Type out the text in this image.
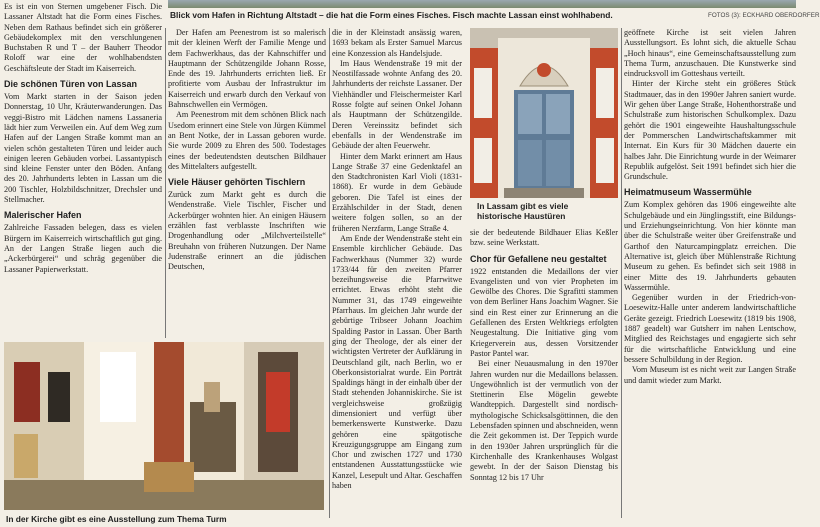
Es ist ein von Sternen umgebener Fisch. Die Lassaner Altstadt hat die Form eines Fisches. Neben dem Rathaus befindet sich ein größerer Gebäudekomplex mit den verschlungenen Buchstaben R und T – der Bauherr Theodor Roloff war eine der wohlhabendsten Geschäftsleute der Stadt im Kaiserreich.

Die schönen Türen von Lassan

Vom Markt starten in der Saison jeden Donnerstag, 10 Uhr, Kräuterwanderungen. Das veggi-Bistro mit Lädchen namens Lassaneria lädt hier zum Verweilen ein. Auf dem Weg zum Hafen auf der Langen Straße kommt man an vielen schön gestalteten Türen und leider auch einigen leeren Gebäuden vorbei. Lassantypisch sind kleine Fenster unter den Böden. Anfang des 20. Jahrhunderts lebten in Lassan um die 200 Tischler, Holzbildschnitzer, Drechsler und Stellmacher.

Malerischer Hafen

Zahlreiche Fassaden belegen, dass es vielen Bürgern im Kaiserreich wirtschaftlich gut ging. An der Langen Straße liegen auch die „Ackerbürgerei“ und schräg gegenüber die Lassaner Papierwerkstatt.

Blick vom Hafen in Richtung Altstadt – die hat die Form eines Fisches. Fisch machte Lassan einst wohlhabend.	FOTOS (3): ECKHARD OBERDORFER

Der Hafen am Peenestrom ist so malerisch mit der kleinen Werft der Familie Menge und dem Fachwerkhaus, das der Kahnschiffer und Hauptmann der Schützengilde Johann Rosse, Ende des 19. Jahrhunderts errichten ließ. Er profitierte vom Ausbau der Infrastruktur im Kaiserreich und erwarb durch den Verkauf von Bahnschwellen ein Vermögen.

Am Peenestrom mit dem schönen Blick nach Usedom erinnert eine Stele von Jürgen Kümmel an Bent Notke, der in Lassan geboren wurde. Sie wurde 2009 zu Ehren des 500. Todestages eines der bedeutendsten deutschen Bildhauer des Mittelalters aufgestellt.

Viele Häuser gehörten Tischlern

Zurück zum Markt geht es durch die Wendenstraße. Viele Tischler, Fischer und Ackerbürger wohnten hier. An einigen Häusern erzählen fast verblasste Inschriften wie Drogenhandlung oder „Milchverteilstelle“ Breuhahn von früheren Nutzungen. Der Name Judenstraße erinnert an die jüdischen Deutschen,

die in der Kleinstadt ansässig waren, 1693 bekam als Erster Samuel Marcus eine Konzession als Handelsjude.

Im Haus Wendenstraße 19 mit der Neostilfassade wohnte Anfang des 20. Jahrhunderts der reichste Lassaner. Der Viehhändler und Fleischermeister Karl Rosse folgte auf seinen Onkel Johann als Hauptmann der Schützengilde. Deren Vereinssitz befindet sich ebenfalls in der Wendenstraße im Gebäude der alten Feuerwehr.

Hinter dem Markt erinnert am Haus Lange Straße 37 eine Gedenktafel an den Stadtchronisten Karl Violi (1831-1868). Er wurde in dem Gebäude geboren. Die Tafel ist eines der Erzählschilder in der Stadt, denen weitere folgen sollen, so an der früheren Nerzfarm, Lange Straße 4.

Am Ende der Wendenstraße steht ein Ensemble kirchlicher Gebäude. Das Fachwerkhaus (Nummer 32) wurde 1733/44 für den zweiten Pfarrer bezeihungsweise die Pfarrwitwe errichtet. Etwas erhöht steht die Nummer 31, das 1749 eingeweihte Pfarrhaus. Im gleichen Jahr wurde der gebürtige Tribseer Johann Joachim Spalding Pastor in Lassan. Über Barth ging der Theologe, der als einer der wichtigsten Vertreter der Aufklärung in Deutschland gilt, nach Berlin, wo er Oberkonsistorialrat wurde. Ein Porträt Spaldings hängt in der einhalb über der Stadt stehenden Johanniskirche. Sie ist vergleichsweise großzügig dimensioniert und verfügt über bemerkenswerte Kunstwerke. Dazu gehören eine spätgotische Kreuzigungsgruppe am Eingang zum Chor und zwischen 1727 und 1730 entstandenen Ausstattungsstücke wie Kanzel, Lesepult und Altar. Geschaffen haben

In Lassam gibt es viele historische Haustüren

sie der bedeutende Bildhauer Elias Keßler bzw. seine Werkstatt.

Chor für Gefallene neu gestaltet

1922 entstanden die Medaillons der vier Evangelisten und von vier Propheten im Gewölbe des Chores. Die Sgrafitti stammen von dem Berliner Hans Joachim Wagner. Sie sind ein Rest einer zur Erinnerung an die Gefallenen des Ersten Weltkriegs erfolgten Neugestaltung. Die Initiative ging vom Kriegerverein aus, dessen Vorsitzender Pastor Pantel war.

Bei einer Neuausmalung in den 1970er Jahren wurden nur die Medaillons belassen. Ungewöhnlich ist der vermutlich von der Stettinerin Else Mögelin gewebte Wandteppich. Dargestellt sind nordisch-mythologische Schicksalsgöttinnen, die den Lebensfaden spinnen und abschneiden, wenn die Zeit gekommen ist. Der Teppich wurde in den 1930er Jahren ursprünglich für die Kirchenhalle des Krankenhauses Wolgast gewebt. In der der Saison Dienstag bis Sonntag 12 bis 17 Uhr

geöffnete Kirche ist seit vielen Jahren Ausstellungsort. Es lohnt sich, die aktuelle Schau „Hoch hinaus“, eine Gemeinschaftsausstellung zum Thema Turm, anzuschauen. Die Kunstwerke sind eindrucksvoll im Gotteshaus verteilt.

Hinter der Kirche steht ein größeres Stück Stadtmauer, das in den 1990er Jahren saniert wurde. Wir gehen über Lange Straße, Hohenthorstraße und Schulstraße zum historischen Schulkomplex. Dazu gehört die 1901 eingeweihte Haushaltungsschule der Pommerschen Landwirtschaftskammer mit Internat. Ein Kurs für 30 Mädchen dauerte ein halbes Jahr. Die Einrichtung wurde in der Weimarer Republik aufgelöst. Seit 1991 befindet sich hier die Grundschule.

Heimatmuseum Wassermühle

Zum Komplex gehören das 1906 eingeweihte alte Schulgebäude und ein Jünglingsstift, eine Bildungs- und Erziehungseinrichtung. Von hier könnte man über die Schulstraße weiter über Greifenstraße und Garthof den Naturcampingplatz erreichen. Die Alternative ist, gleich über Mühlenstraße Richtung Museum zu gehen. Es befindet sich seit 1988 in einer Mitte des 19. Jahrhunderts gebauten Wassermühle.

Gegenüber wurden in der Friedrich-von-Loesewitz-Halle unter anderem landwirtschaftliche Geräte gezeigt. Friedrich Loesewitz (1819 bis 1908, 1887 geadelt) war Gutsherr im nahen Lentschow, Mitglied des Reichstages und engagierte sich sehr für die wirtschaftliche Entwicklung und eine bessere Schulbildung in der Region.

Vom Museum ist es nicht weit zur Langen Straße und damit wieder zum Markt.

In der Kirche gibt es eine Ausstellung zum Thema Turm
